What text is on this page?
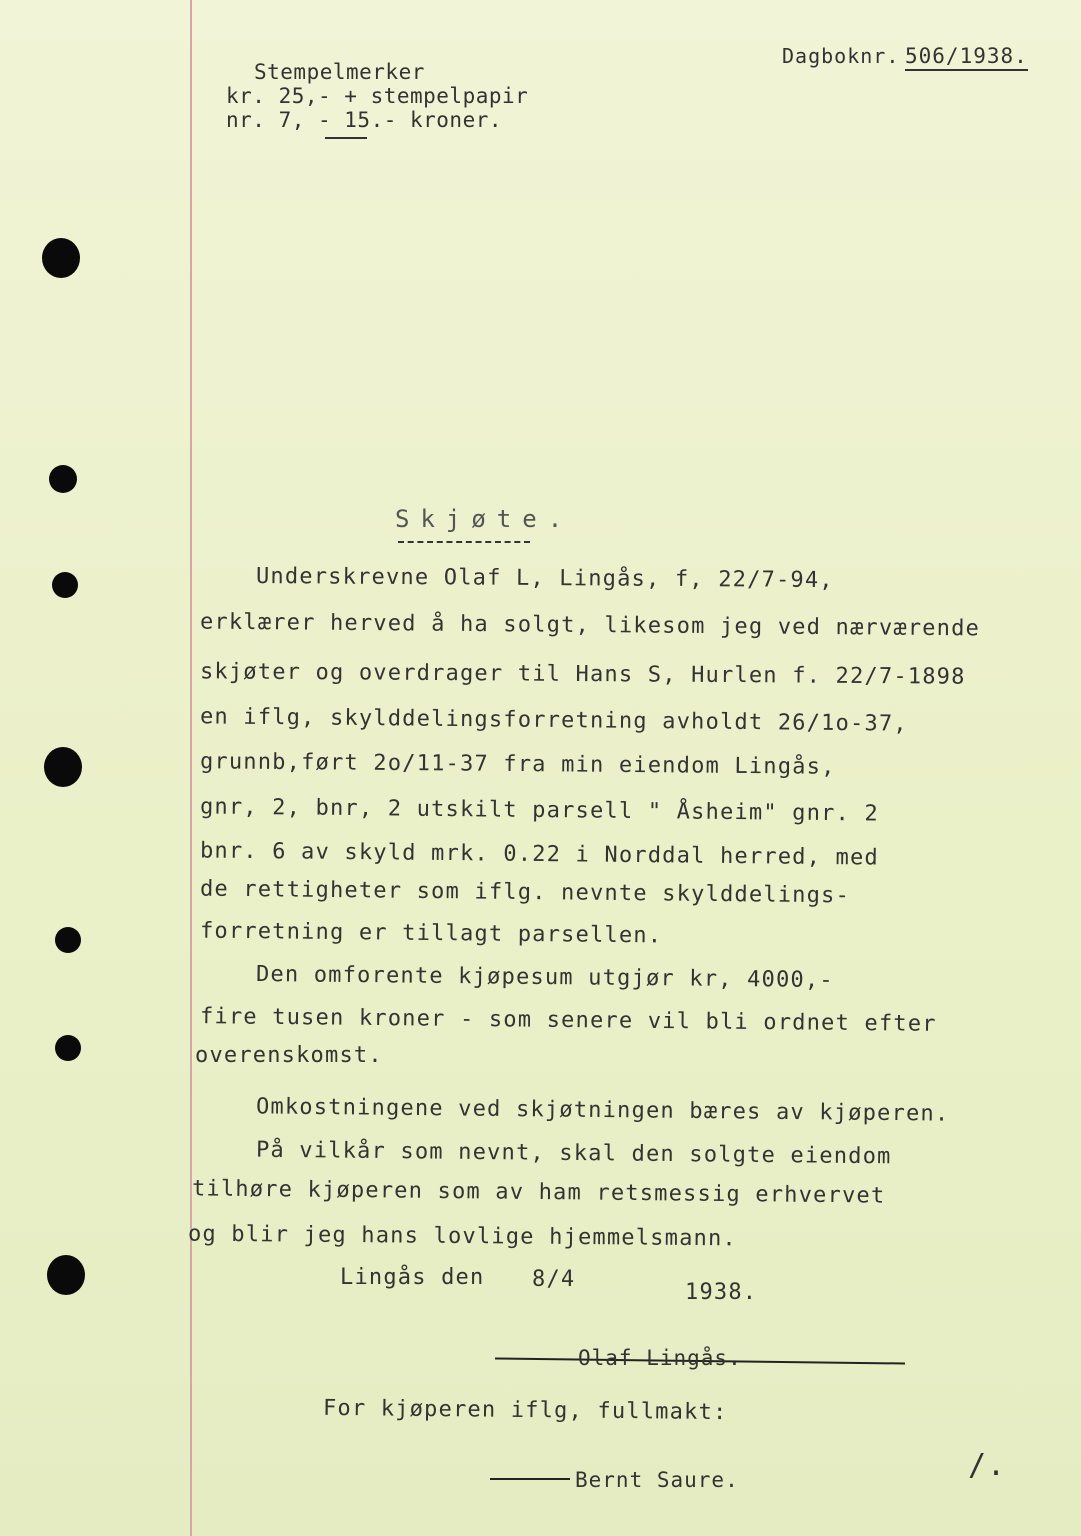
Stempelmerker
kr. 25,- + stempelpapir
nr. 7, - 15.- kroner.
Dagboknr. 506/1938.
Skjøte.
Underskrevne Olaf L, Lingås, f, 22/7-94,
erklærer herved å ha solgt, likesom jeg ved nærværende
skjøter og overdrager til Hans S, Hurlen f. 22/7-1898
en iflg, skylddelingsforretning avholdt 26/1o-37,
grunnb,ført 2o/11-37 fra min eiendom Lingås,
gnr, 2, bnr, 2 utskilt parsell " Åsheim" gnr. 2
bnr. 6 av skyld mrk. 0.22 i Norddal herred, med
de rettigheter som iflg. nevnte skylddelings-
forretning er tillagt parsellen.
Den omforente kjøpesum utgjør kr, 4000,-
fire tusen kroner - som senere vil bli ordnet efter
overenskomst.
Omkostningene ved skjøtningen bæres av kjøperen.
På vilkår som nevnt, skal den solgte eiendom
tilhøre kjøperen som av ham retsmessig erhvervet
og blir jeg hans lovlige hjemmelsmann.
Lingås den 8/4
1938.
Olaf Lingås.
For kjøperen iflg, fullmakt:
Bernt Saure.	/.
